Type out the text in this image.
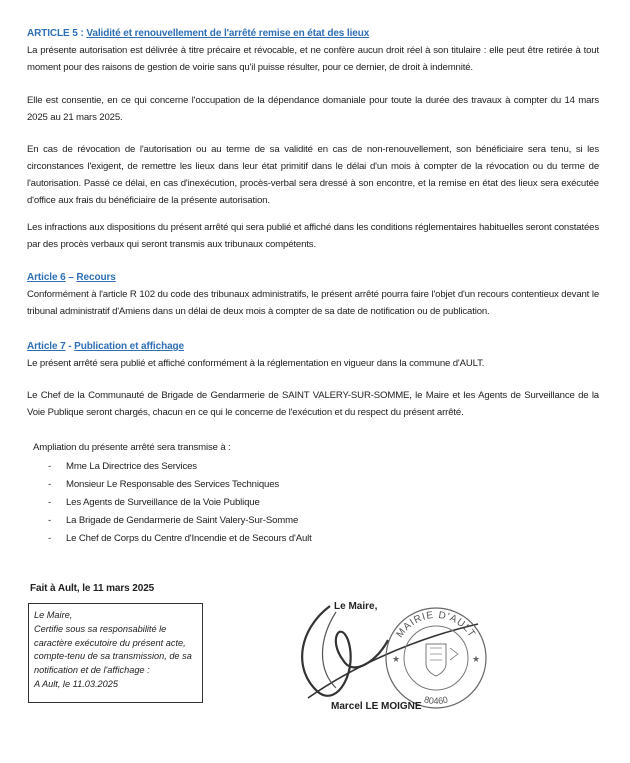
ARTICLE 5 : Validité et renouvellement de l'arrêté remise en état des lieux
La présente autorisation est délivrée à titre précaire et révocable, et ne confère aucun droit réel à son titulaire : elle peut être retirée à tout moment pour des raisons de gestion de voirie sans qu'il puisse résulter, pour ce dernier, de droit à indemnité.
Elle est consentie, en ce qui concerne l'occupation de la dépendance domaniale pour toute la durée des travaux à compter du 14 mars 2025 au 21 mars 2025.
En cas de révocation de l'autorisation ou au terme de sa validité en cas de non-renouvellement, son bénéficiaire sera tenu, si les circonstances l'exigent, de remettre les lieux dans leur état primitif dans le délai d'un mois à compter de la révocation ou du terme de l'autorisation. Passé ce délai, en cas d'inexécution, procès-verbal sera dressé à son encontre, et la remise en état des lieux sera exécutée d'office aux frais du bénéficiaire de la présente autorisation.
Les infractions aux dispositions du présent arrêté qui sera publié et affiché dans les conditions réglementaires habituelles seront constatées par des procès verbaux qui seront transmis aux tribunaux compétents.
Article 6 – Recours
Conformément à l'article R 102 du code des tribunaux administratifs, le présent arrêté pourra faire l'objet d'un recours contentieux devant le tribunal administratif d'Amiens dans un délai de deux mois à compter de sa date de notification ou de publication.
Article 7 - Publication et affichage
Le présent arrêté sera publié et affiché conformément à la réglementation en vigueur dans la commune d'AULT.
Le Chef de la Communauté de Brigade de Gendarmerie de SAINT VALERY-SUR-SOMME, le Maire et les Agents de Surveillance de la Voie Publique seront chargés, chacun en ce qui le concerne de l'exécution et du respect du présent arrêté.
Ampliation du présente arrêté sera transmise à :
- Mme La Directrice des Services
- Monsieur Le Responsable des Services Techniques
- Les Agents de Surveillance de la Voie Publique
- La Brigade de Gendarmerie de Saint Valery-Sur-Somme
- Le Chef de Corps du Centre d'Incendie et de Secours d'Ault
Fait à Ault, le 11 mars 2025
Le Maire,
Certifie sous sa responsabilité le
caractère exécutoire du présent acte,
compte-tenu de sa transmission, de sa
notification et de l'affichage :
A Ault, le 11.03.2025
MAIRIE D'AULT
80460
★	★
Le Maire,
Marcel LE MOIGNE
